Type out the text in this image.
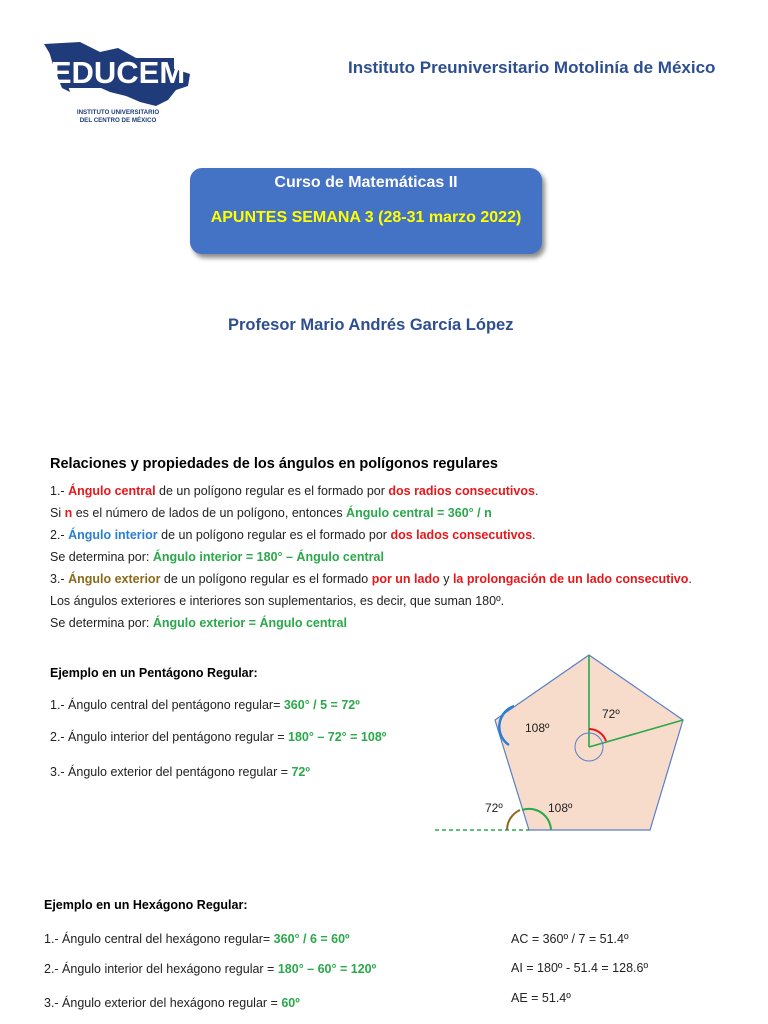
EDUCEM
INSTITUTO UNIVERSITARIO
DEL CENTRO DE MÉXICO
Instituto Preuniversitario Motolinía de México
Curso de Matemáticas II
APUNTES SEMANA 3 (28-31 marzo 2022)
Profesor Mario Andrés García López
Relaciones y propiedades de los ángulos en polígonos regulares
1.- Ángulo central de un polígono regular es el formado por dos radios consecutivos.
Si n es el número de lados de un polígono, entonces Ángulo central = 360° / n
2.- Ángulo interior de un polígono regular es el formado por dos lados consecutivos.
Se determina por: Ángulo interior = 180° – Ángulo central
3.- Ángulo exterior de un polígono regular es el formado por un lado y la prolongación de un lado consecutivo.
Los ángulos exteriores e interiores son suplementarios, es decir, que suman 180º.
Se determina por: Ángulo exterior = Ángulo central
Ejemplo en un Pentágono Regular:
1.- Ángulo central del pentágono regular= 360° / 5 = 72º
2.- Ángulo interior del pentágono regular = 180° – 72° = 108º
3.- Ángulo exterior del pentágono regular = 72º
108º
72º
72º	108º
Ejemplo en un Hexágono Regular:
1.- Ángulo central del hexágono regular= 360° / 6 = 60º
2.- Ángulo interior del hexágono regular = 180° – 60° = 120º
3.- Ángulo exterior del hexágono regular = 60º
AC = 360º / 7 = 51.4º
AI = 180º - 51.4 = 128.6º
AE = 51.4º
